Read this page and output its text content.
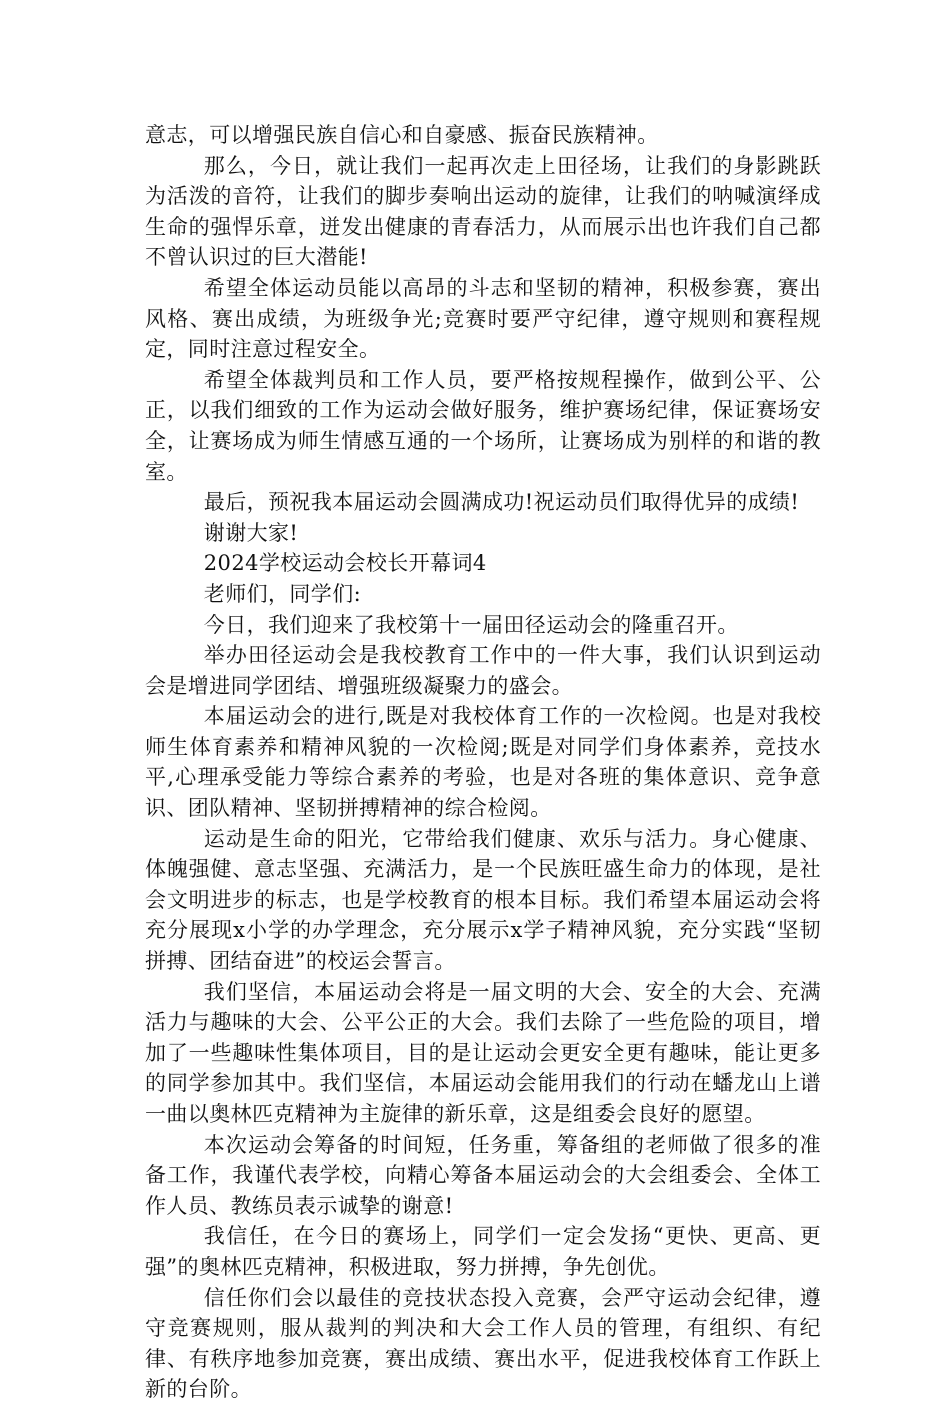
意志，可以增强民族自信心和自豪感、振奋民族精神。

那么，今日，就让我们一起再次走上田径场，让我们的身影跳跃为活泼的音符，让我们的脚步奏响出运动的旋律，让我们的呐喊演绎成生命的强悍乐章，迸发出健康的青春活力，从而展示出也许我们自己都不曾认识过的巨大潜能!

希望全体运动员能以高昂的斗志和坚韧的精神，积极参赛，赛出风格、赛出成绩，为班级争光;竞赛时要严守纪律，遵守规则和赛程规定，同时注意过程安全。

希望全体裁判员和工作人员，要严格按规程操作，做到公平、公正，以我们细致的工作为运动会做好服务，维护赛场纪律，保证赛场安全，让赛场成为师生情感互通的一个场所，让赛场成为别样的和谐的教室。

最后，预祝我本届运动会圆满成功!祝运动员们取得优异的成绩!

谢谢大家!

2024学校运动会校长开幕词4

老师们，同学们:

今日，我们迎来了我校第十一届田径运动会的隆重召开。

举办田径运动会是我校教育工作中的一件大事，我们认识到运动会是增进同学团结、增强班级凝聚力的盛会。

本届运动会的进行,既是对我校体育工作的一次检阅。也是对我校师生体育素养和精神风貌的一次检阅;既是对同学们身体素养，竞技水平,心理承受能力等综合素养的考验，也是对各班的集体意识、竞争意识、团队精神、坚韧拼搏精神的综合检阅。

运动是生命的阳光，它带给我们健康、欢乐与活力。身心健康、体魄强健、意志坚强、充满活力，是一个民族旺盛生命力的体现，是社会文明进步的标志，也是学校教育的根本目标。我们希望本届运动会将充分展现x小学的办学理念，充分展示x学子精神风貌，充分实践“坚韧拼搏、团结奋进”的校运会誓言。

我们坚信，本届运动会将是一届文明的大会、安全的大会、充满活力与趣味的大会、公平公正的大会。我们去除了一些危险的项目，增加了一些趣味性集体项目，目的是让运动会更安全更有趣味，能让更多的同学参加其中。我们坚信，本届运动会能用我们的行动在蟠龙山上谱一曲以奥林匹克精神为主旋律的新乐章，这是组委会良好的愿望。

本次运动会筹备的时间短，任务重，筹备组的老师做了很多的准备工作，我谨代表学校，向精心筹备本届运动会的大会组委会、全体工作人员、教练员表示诚挚的谢意!

我信任，在今日的赛场上，同学们一定会发扬“更快、更高、更强”的奥林匹克精神，积极进取，努力拼搏，争先创优。

信任你们会以最佳的竞技状态投入竞赛，会严守运动会纪律，遵守竞赛规则，服从裁判的判决和大会工作人员的管理，有组织、有纪律、有秩序地参加竞赛，赛出成绩、赛出水平，促进我校体育工作跃上新的台阶。
